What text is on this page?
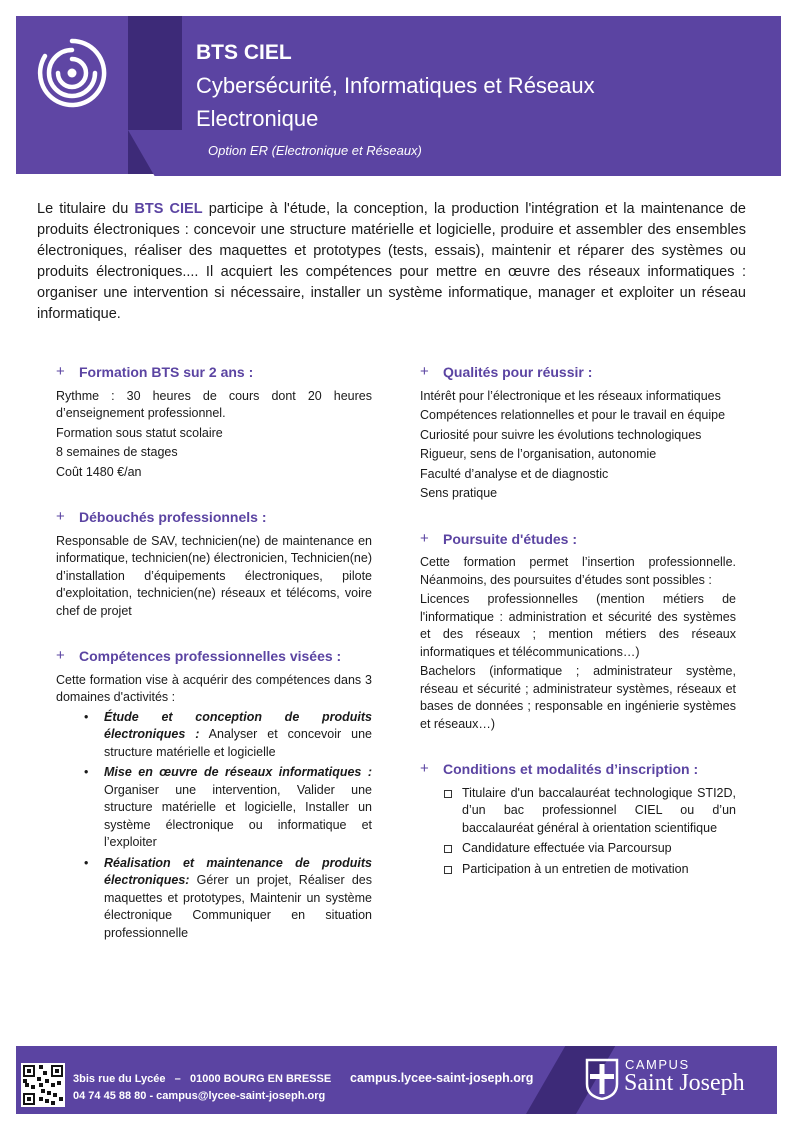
BTS CIEL
Cybersécurité, Informatiques et Réseaux
Electronique
Option ER (Electronique et Réseaux)

Le titulaire du BTS CIEL participe à l'étude, la conception, la production l'intégration et la maintenance de produits électroniques : concevoir une structure matérielle et logicielle, produire et assembler des ensembles électroniques, réaliser des maquettes et prototypes (tests, essais), maintenir et réparer des systèmes ou produits électroniques.... Il acquiert les compétences pour mettre en œuvre des réseaux informatiques : organiser une intervention si nécessaire, installer un système informatique, manager et exploiter un réseau informatique.

+ Formation BTS sur 2 ans :
Rythme : 30 heures de cours dont 20 heures d’enseignement professionnel.
Formation sous statut scolaire
8 semaines de stages
Coût 1480 €/an
+ Débouchés professionnels :
Responsable de SAV, technicien(ne) de maintenance en informatique, technicien(ne) électronicien, Technicien(ne) d’installation d’équipements électroniques, pilote d'exploitation, technicien(ne) réseaux et télécoms, voire chef de projet
+ Compétences professionnelles visées :
Cette formation vise à acquérir des compétences dans 3 domaines d'activités :
• Étude et conception de produits électroniques : Analyser et concevoir une structure matérielle et logicielle
• Mise en œuvre de réseaux informatiques : Organiser une intervention, Valider une structure matérielle et logicielle, Installer un système électronique ou informatique et l’exploiter
• Réalisation et maintenance de produits électroniques: Gérer un projet, Réaliser des maquettes et prototypes, Maintenir un système électronique Communiquer en situation professionnelle
+ Qualités pour réussir :
Intérêt pour l’électronique et les réseaux informatiques
Compétences relationnelles et pour le travail en équipe
Curiosité pour suivre les évolutions technologiques
Rigueur, sens de l’organisation, autonomie
Faculté d’analyse et de diagnostic
Sens pratique
+ Poursuite d'études :
Cette formation permet l’insertion professionnelle. Néanmoins, des poursuites d’études sont possibles :
Licences professionnelles (mention métiers de l'informatique : administration et sécurité des systèmes et des réseaux ; mention métiers des réseaux informatiques et télécommunications…)
Bachelors (informatique ; administrateur système, réseau et sécurité ; administrateur systèmes, réseaux et bases de données ; responsable en ingénierie systèmes et réseaux…)
+ Conditions et modalités d’inscription :
Titulaire d'un baccalauréat technologique STI2D, d’un bac professionnel CIEL ou d’un baccalauréat général à orientation scientifique
Candidature effectuée via Parcoursup
Participation à un entretien de motivation
3bis rue du Lycée   –   01000 BOURG EN BRESSE campus.lycee-saint-joseph.org
04 74 45 88 80 - campus@lycee-saint-joseph.org
CAMPUS
Saint Joseph
